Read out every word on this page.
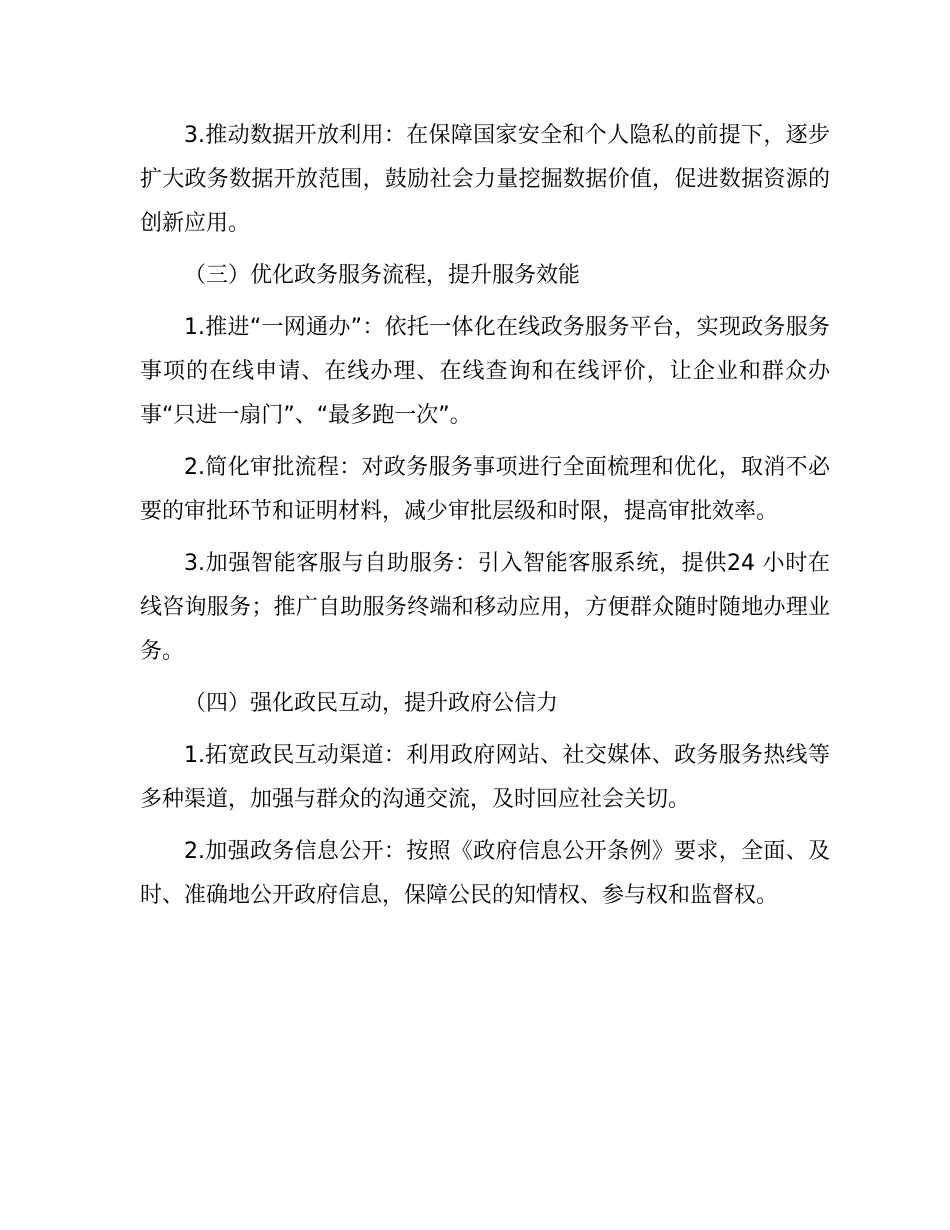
3.推动数据开放利用：在保障国家安全和个人隐私的前提下，逐步扩大政务数据开放范围，鼓励社会力量挖掘数据价值，促进数据资源的创新应用。

（三）优化政务服务流程，提升服务效能

1.推进“一网通办”：依托一体化在线政务服务平台，实现政务服务事项的在线申请、在线办理、在线查询和在线评价，让企业和群众办事“只进一扇门”、“最多跑一次”。

2.简化审批流程：对政务服务事项进行全面梳理和优化，取消不必要的审批环节和证明材料，减少审批层级和时限，提高审批效率。

3.加强智能客服与自助服务：引入智能客服系统，提供24 小时在线咨询服务；推广自助服务终端和移动应用，方便群众随时随地办理业务。

（四）强化政民互动，提升政府公信力

1.拓宽政民互动渠道：利用政府网站、社交媒体、政务服务热线等多种渠道，加强与群众的沟通交流，及时回应社会关切。

2.加强政务信息公开：按照《政府信息公开条例》要求，全面、及时、准确地公开政府信息，保障公民的知情权、参与权和监督权。
